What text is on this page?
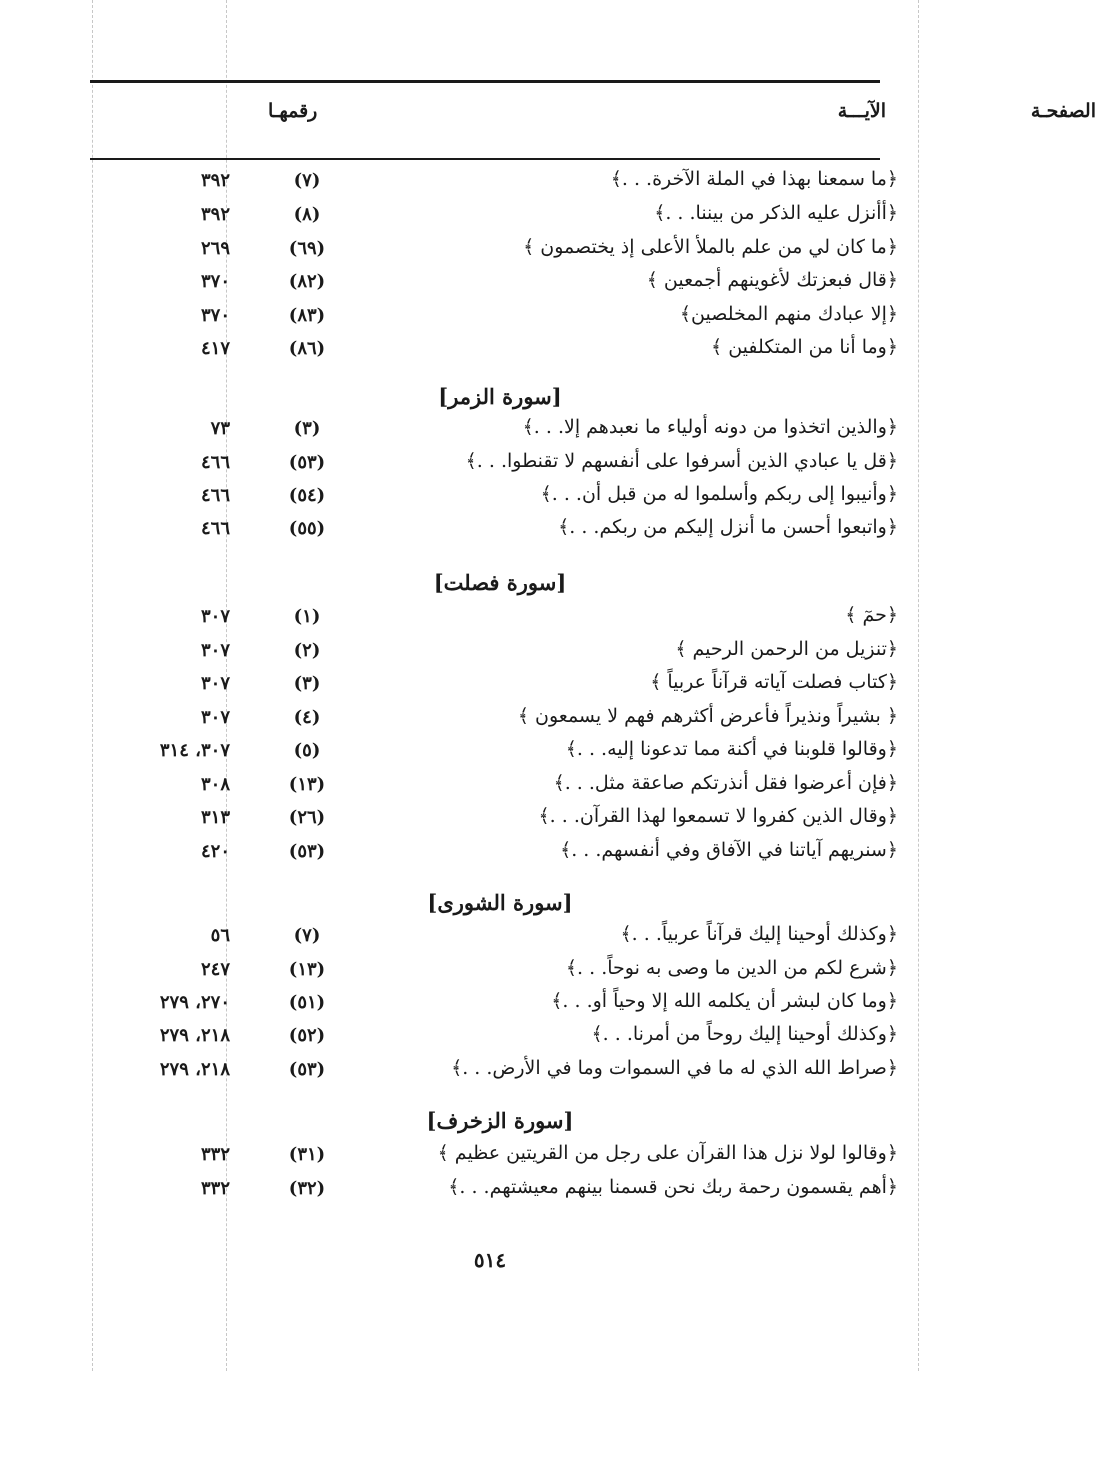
الآيـــة
رقمهـا	الصفحـة
﴿ما سمعنا بهذا في الملة الآخرة. . .﴾
(٧)
٣٩٢
﴿أأنزل عليه الذكر من بيننا. . .﴾
(٨)
٣٩٢
﴿ما كان لي من علم بالملأ الأعلى إذ يختصمون ﴾
(٦٩)
٢٦٩
﴿قال فبعزتك لأغوينهم أجمعين ﴾
(٨٢)
٣٧٠
﴿إلا عبادك منهم المخلصين﴾
(٨٣)
٣٧٠
﴿وما أنا من المتكلفين ﴾
(٨٦)
٤١٧
[سورة الزمر]
﴿والذين اتخذوا من دونه أولياء ما نعبدهم إلا. . .﴾
(٣)
٧٣
﴿قل يا عبادي الذين أسرفوا على أنفسهم لا تقنطوا. . .﴾
(٥٣)
٤٦٦
﴿وأنيبوا إلى ربكم وأسلموا له من قبل أن. . .﴾
(٥٤)
٤٦٦
﴿واتبعوا أحسن ما أنزل إليكم من ربكم. . .﴾
(٥٥)
٤٦٦
[سورة فصلت]
﴿حمٓ ﴾
(١)
٣٠٧
﴿تنزيل من الرحمن الرحيم ﴾
(٢)
٣٠٧
﴿كتاب فصلت آياته قرآناً عربياً ﴾
(٣)
٣٠٧
﴿ بشيراً ونذيراً فأعرض أكثرهم فهم لا يسمعون ﴾
(٤)
٣٠٧
﴿وقالوا قلوبنا في أكنة مما تدعونا إليه. . .﴾
(٥)
٣٠٧، ٣١٤
﴿فإن أعرضوا فقل أنذرتكم صاعقة مثل. . .﴾
(١٣)
٣٠٨
﴿وقال الذين كفروا لا تسمعوا لهذا القرآن. . .﴾
(٢٦)
٣١٣
﴿سنريهم آياتنا في الآفاق وفي أنفسهم. . .﴾
(٥٣)
٤٢٠
[سورة الشورى]
﴿وكذلك أوحينا إليك قرآناً عربياً. . .﴾
(٧)
٥٦
﴿شرع لكم من الدين ما وصى به نوحاً. . .﴾
(١٣)
٢٤٧
﴿وما كان لبشر أن يكلمه الله إلا وحياً أو. . .﴾
(٥١)
٢٧٠، ٢٧٩
﴿وكذلك أوحينا إليك روحاً من أمرنا. . .﴾
(٥٢)
٢١٨، ٢٧٩
﴿صراط الله الذي له ما في السموات وما في الأرض. . .﴾
(٥٣)
٢١٨، ٢٧٩
[سورة الزخرف]
﴿وقالوا لولا نزل هذا القرآن على رجل من القريتين عظيم ﴾
(٣١)
٣٣٢
﴿أهم يقسمون رحمة ربك نحن قسمنا بينهم معيشتهم. . .﴾
(٣٢)
٣٣٢
٥١٤
